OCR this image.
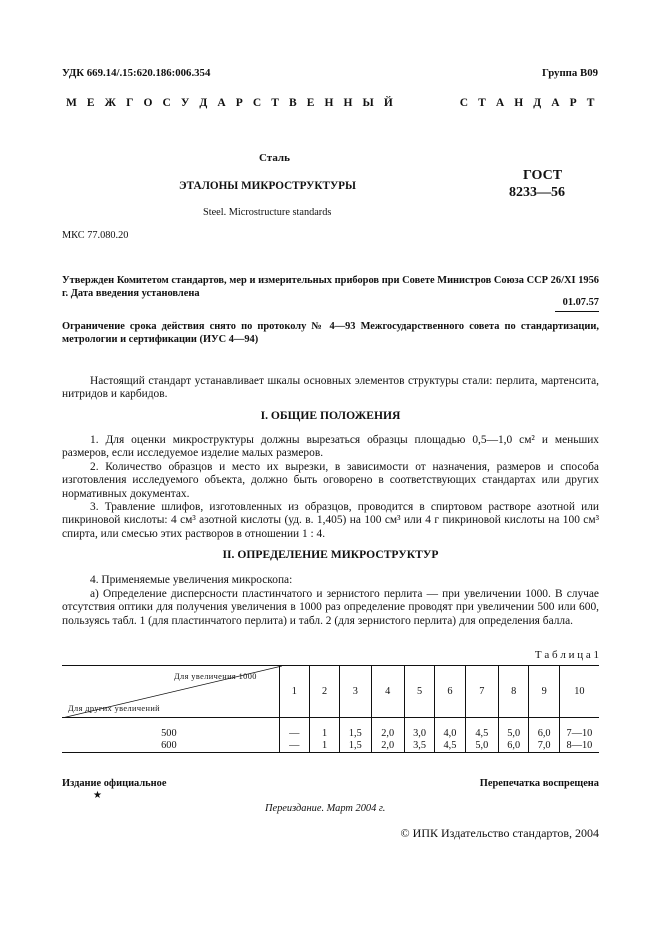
УДК 669.14/.15:620.186:006.354	Группа В09
М Е Ж Г О С У Д А Р С Т В Е Н Н Ы Й	С Т А Н Д А Р Т
Сталь
ЭТАЛОНЫ МИКРОСТРУКТУРЫ
Steel. Microstructure standards
ГОСТ
8233—56
МКС 77.080.20
Утвержден Комитетом стандартов, мер и измерительных приборов при Совете Министров Союза ССР 26/XI 1956 г. Дата введения установлена
01.07.57
Ограничение срока действия снято по протоколу № 4—93 Межгосударственного совета по стандартизации, метрологии и сертификации (ИУС 4—94)
Настоящий стандарт устанавливает шкалы основных элементов структуры стали: перлита, мартенсита, нитридов и карбидов.
I. ОБЩИЕ ПОЛОЖЕНИЯ
1. Для оценки микроструктуры должны вырезаться образцы площадью 0,5—1,0 см² и меньших размеров, если исследуемое изделие малых размеров.
2. Количество образцов и место их вырезки, в зависимости от назначения, размеров и способа изготовления исследуемого объекта, должно быть оговорено в соответствующих стандартах или других нормативных документах.
3. Травление шлифов, изготовленных из образцов, проводится в спиртовом растворе азотной или пикриновой кислоты: 4 см³ азотной кислоты (уд. в. 1,405) на 100 см³ или 4 г пикриновой кислоты на 100 см³ спирта, или смесью этих растворов в отношении 1 : 4.
II. ОПРЕДЕЛЕНИЕ МИКРОСТРУКТУР
4. Применяемые увеличения микроскопа:
а) Определение дисперсности пластинчатого и зернистого перлита — при увеличении 1000. В случае отсутствия оптики для получения увеличения в 1000 раз определение проводят при увеличении 500 или 600, пользуясь табл. 1 (для пластинчатого перлита) и табл. 2 (для зернистого перлита) для определения балла.
Т а б л и ц а 1
Для увеличения 1000
Для других увеличений	1	2	3	4	5	6	7	8	9	10

500	—	1	1,5	2,0	3,0	4,0	4,5	5,0	6,0	7—10
600	—	1	1,5	2,0	3,5	4,5	5,0	6,0	7,0	8—10
Издание официальное
★
Перепечатка воспрещена
Переиздание. Март 2004 г.
© ИПК Издательство стандартов, 2004
